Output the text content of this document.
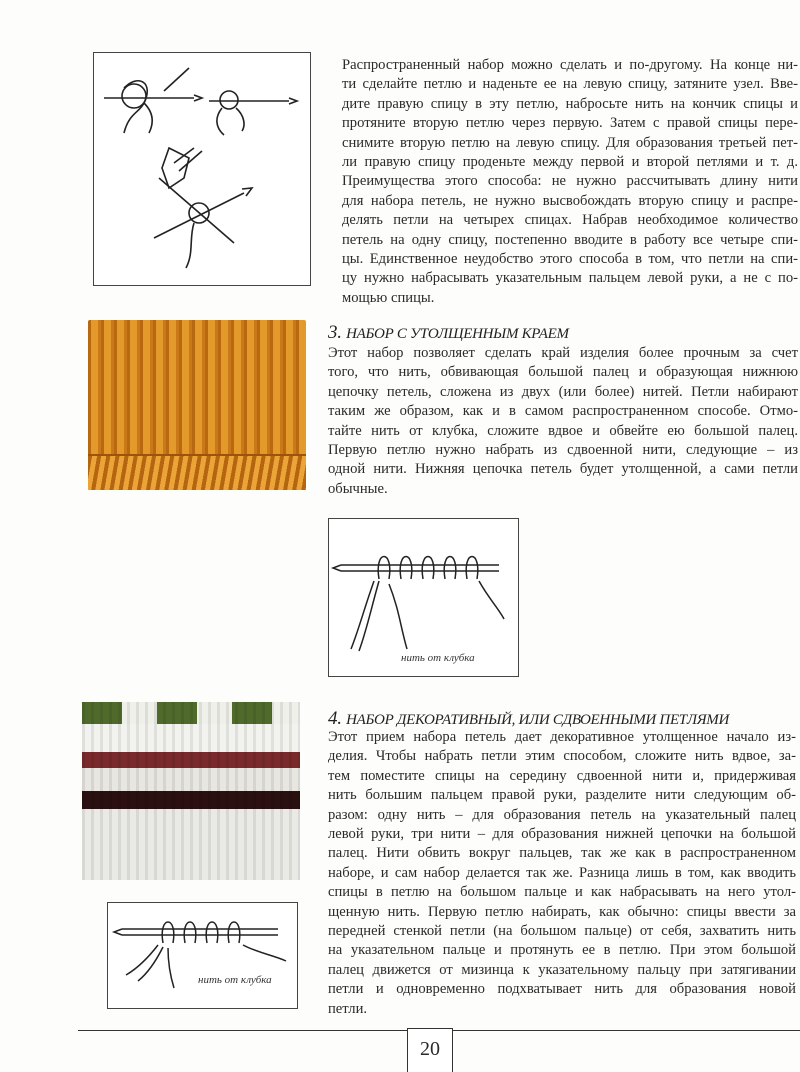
Распространенный набор можно сделать и по-другому. На конце ни-
ти сделайте петлю и наденьте ее на левую спицу, затяните узел. Вве-
дите правую спицу в эту петлю, набросьте нить на кончик спицы и
протяните вторую петлю через первую. Затем с правой спицы пере-
снимите вторую петлю на левую спицу. Для образования третьей пет-
ли правую спицу проденьте между первой и второй петлями и т. д.
Преимущества этого способа: не нужно рассчитывать длину нити
для набора петель, не нужно высвобождать вторую спицу и распре-
делять петли на четырех спицах. Набрав необходимое количество
петель на одну спицу, постепенно вводите в работу все четыре спи-
цы. Единственное неудобство этого способа в том, что петли на спи-
цу нужно набрасывать указательным пальцем левой руки, а не с по-
мощью спицы.
3. НАБОР С УТОЛЩЕННЫМ КРАЕМ
Этот набор позволяет сделать край изделия более прочным за счет
того, что нить, обвивающая большой палец и образующая нижнюю
цепочку петель, сложена из двух (или более) нитей. Петли набирают
таким же образом, как и в самом распространенном способе. Отмо-
тайте нить от клубка, сложите вдвое и обвейте ею большой палец.
Первую петлю нужно набрать из сдвоенной нити, следующие – из
одной нити. Нижняя цепочка петель будет утолщенной, а сами петли
обычные.
нить от клубка
4. НАБОР ДЕКОРАТИВНЫЙ, ИЛИ СДВОЕННЫМИ ПЕТЛЯМИ
Этот прием набора петель дает декоративное утолщенное начало из-
делия. Чтобы набрать петли этим способом, сложите нить вдвое, за-
тем поместите спицы на середину сдвоенной нити и, придерживая
нить большим пальцем правой руки, разделите нити следующим об-
разом: одну нить – для образования петель на указательный палец
левой руки, три нити – для образования нижней цепочки на большой
палец. Нити обвить вокруг пальцев, так же как в распространенном
наборе, и сам набор делается так же. Разница лишь в том, как вводить
спицы в петлю на большом пальце и как набрасывать на него утол-
щенную нить. Первую петлю набирать, как обычно: спицы ввести за
передней стенкой петли (на большом пальце) от себя, захватить нить
на указательном пальце и протянуть ее в петлю. При этом большой
палец движется от мизинца к указательному пальцу при затягивании
петли и одновременно подхватывает нить для образования новой
петли.
нить от клубка
20
